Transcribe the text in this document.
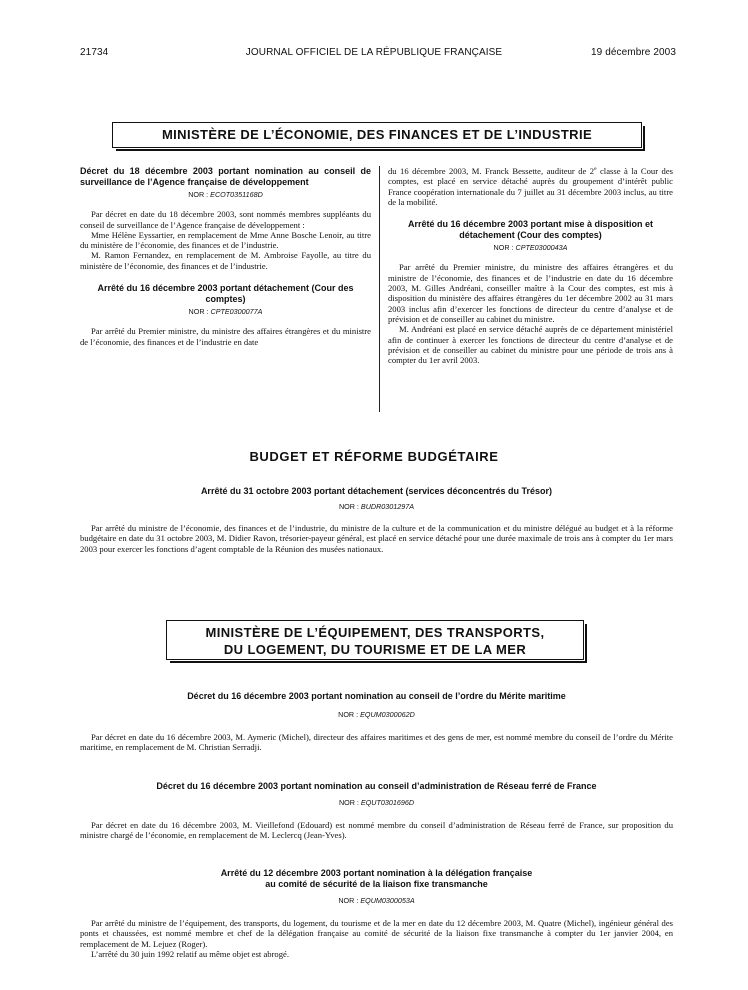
21734	JOURNAL OFFICIEL DE LA RÉPUBLIQUE FRANÇAISE	19 décembre 2003
MINISTÈRE DE L’ÉCONOMIE, DES FINANCES ET DE L’INDUSTRIE
Décret du 18 décembre 2003 portant nomination au conseil de surveillance de l’Agence française de développement
NOR : ECOT0351168D

Par décret en date du 18 décembre 2003, sont nommés membres suppléants du conseil de surveillance de l’Agence française de développement :

Mme Hélène Eyssartier, en remplacement de Mme Anne Bosche Lenoir, au titre du ministère de l’économie, des finances et de l’industrie.

M. Ramon Fernandez, en remplacement de M. Ambroise Fayolle, au titre du ministère de l’économie, des finances et de l’industrie.

Arrêté du 16 décembre 2003 portant détachement (Cour des comptes)
NOR : CPTE0300077A

Par arrêté du Premier ministre, du ministre des affaires étrangères et du ministre de l’économie, des finances et de l’industrie en date

du 16 décembre 2003, M. Franck Bessette, auditeur de 2e classe à la Cour des comptes, est placé en service détaché auprès du groupement d’intérêt public France coopération internationale du 7 juillet au 31 décembre 2003 inclus, au titre de la mobilité.

Arrêté du 16 décembre 2003 portant mise à disposition et détachement (Cour des comptes)
NOR : CPTE0300043A

Par arrêté du Premier ministre, du ministre des affaires étrangères et du ministre de l’économie, des finances et de l’industrie en date du 16 décembre 2003, M. Gilles Andréani, conseiller maître à la Cour des comptes, est mis à disposition du ministère des affaires étrangères du 1er décembre 2002 au 31 mars 2003 inclus afin d’exercer les fonctions de directeur du centre d’analyse et de prévision et de conseiller au cabinet du ministre.

M. Andréani est placé en service détaché auprès de ce département ministériel afin de continuer à exercer les fonctions de directeur du centre d’analyse et de prévision et de conseiller au cabinet du ministre pour une période de trois ans à compter du 1er avril 2003.

BUDGET ET RÉFORME BUDGÉTAIRE
Arrêté du 31 octobre 2003 portant détachement (services déconcentrés du Trésor)
NOR : BUDR0301297A

Par arrêté du ministre de l’économie, des finances et de l’industrie, du ministre de la culture et de la communication et du ministre délégué au budget et à la réforme budgétaire en date du 31 octobre 2003, M. Didier Ravon, trésorier-payeur général, est placé en service détaché pour une durée maximale de trois ans à compter du 1er mars 2003 pour exercer les fonctions d’agent comptable de la Réunion des musées nationaux.

MINISTÈRE DE L’ÉQUIPEMENT, DES TRANSPORTS,
DU LOGEMENT, DU TOURISME ET DE LA MER
Décret du 16 décembre 2003 portant nomination au conseil de l’ordre du Mérite maritime
NOR : EQUM0300062D

Par décret en date du 16 décembre 2003, M. Aymeric (Michel), directeur des affaires maritimes et des gens de mer, est nommé membre du conseil de l’ordre du Mérite maritime, en remplacement de M. Christian Serradji.

Décret du 16 décembre 2003 portant nomination au conseil d’administration de Réseau ferré de France
NOR : EQUT0301696D

Par décret en date du 16 décembre 2003, M. Vieillefond (Edouard) est nommé membre du conseil d’administration de Réseau ferré de France, sur proposition du ministre chargé de l’économie, en remplacement de M. Leclercq (Jean-Yves).

Arrêté du 12 décembre 2003 portant nomination à la délégation française
au comité de sécurité de la liaison fixe transmanche
NOR : EQUM0300053A

Par arrêté du ministre de l’équipement, des transports, du logement, du tourisme et de la mer en date du 12 décembre 2003, M. Quatre (Michel), ingénieur général des ponts et chaussées, est nommé membre et chef de la délégation française au comité de sécurité de la liaison fixe transmanche à compter du 1er janvier 2004, en remplacement de M. Lejuez (Roger).

L’arrêté du 30 juin 1992 relatif au même objet est abrogé.
